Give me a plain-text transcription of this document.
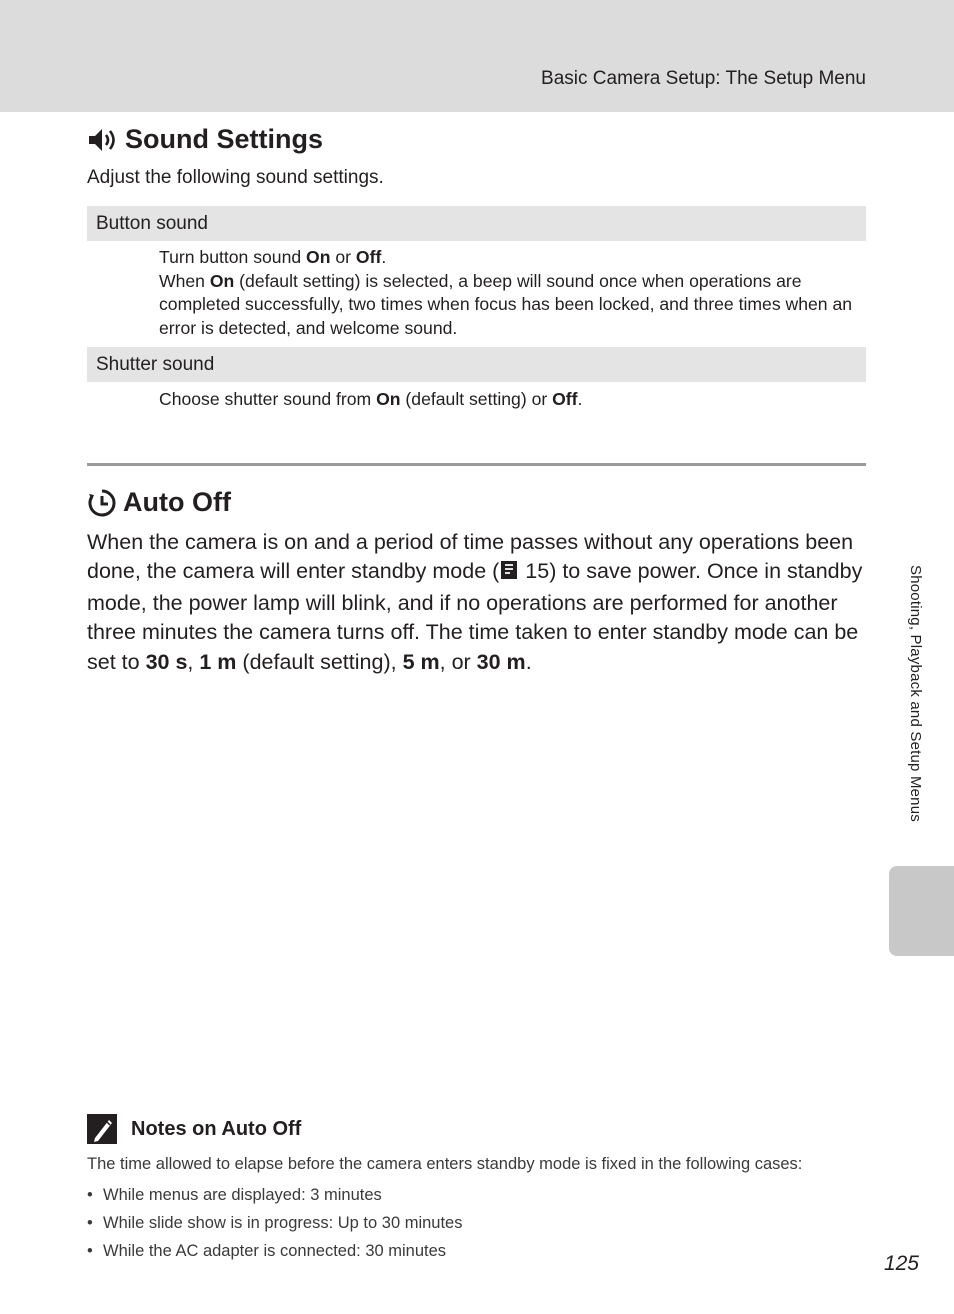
Basic Camera Setup: The Setup Menu
Sound Settings
Adjust the following sound settings.
Button sound
Turn button sound On or Off.
When On (default setting) is selected, a beep will sound once when operations are completed successfully, two times when focus has been locked, and three times when an error is detected, and welcome sound.
Shutter sound
Choose shutter sound from On (default setting) or Off.
Auto Off
When the camera is on and a period of time passes without any operations been done, the camera will enter standby mode ( 15) to save power. Once in standby mode, the power lamp will blink, and if no operations are performed for another three minutes the camera turns off. The time taken to enter standby mode can be set to 30 s, 1 m (default setting), 5 m, or 30 m.	Shooting, Playback and Setup Menus
Notes on Auto Off
The time allowed to elapse before the camera enters standby mode is fixed in the following cases:
• While menus are displayed: 3 minutes
• While slide show is in progress: Up to 30 minutes
• While the AC adapter is connected: 30 minutes
125
